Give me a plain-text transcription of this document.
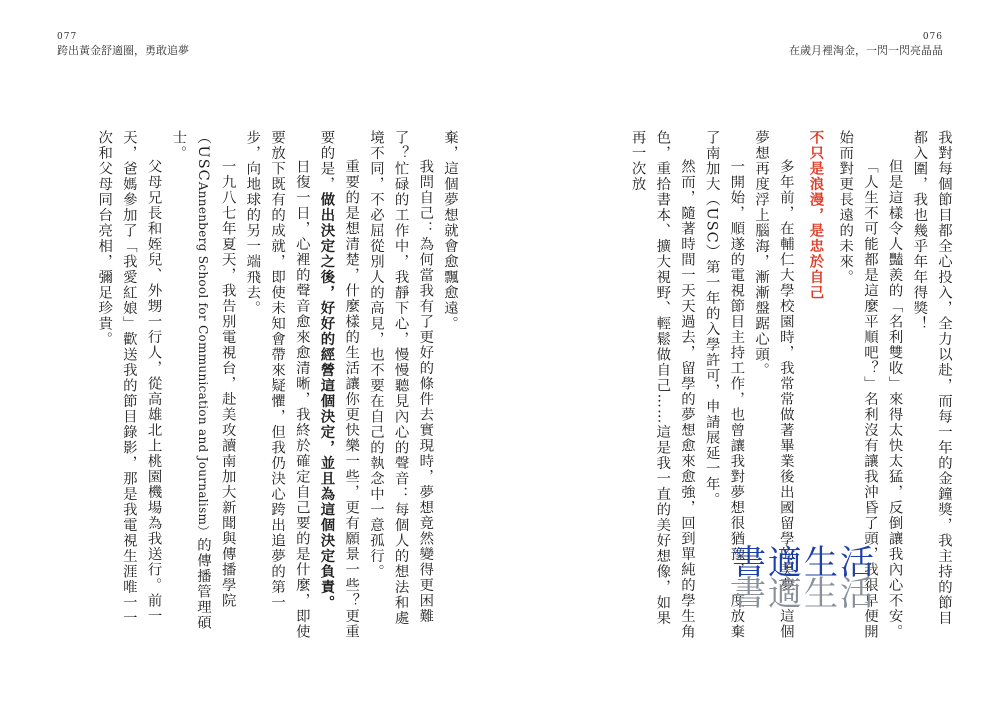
077
跨出黃金舒適圈，勇敢追夢

棄，這個夢想就會愈飄愈遠。

我問自己：為何當我有了更好的條件去實現時，夢想竟然變得更困難了？忙碌的工作中，我靜下心，慢慢聽見內心的聲音：每個人的想法和處境不同，不必屈從別人的高見，也不要在自己的執念中一意孤行。

重要的是想清楚，什麼樣的生活讓你更快樂一些，更有願景一些？更重要的是，做出決定之後，好好的經營這個決定，並且為這個決定負責。

日復一日，心裡的聲音愈來愈清晰，我終於確定自己要的是什麼，即使要放下既有的成就，即使未知會帶來疑懼，但我仍決心跨出追夢的第一步，向地球的另一端飛去。

一九八七年夏天，我告別電視台，赴美攻讀南加大新聞與傳播學院（USCAnnenberg School for Communication and Journalism）的傳播管理碩士。

父母兄長和姪兒、外甥一行人，從高雄北上桃園機場為我送行。前一天，爸媽參加了「我愛紅娘」歡送我的節目錄影，那是我電視生涯唯一一次和父母同台亮相，彌足珍貴。

076
在歲月裡淘金，一閃一閃亮晶晶

我對每個節目都全心投入，全力以赴，而每一年的金鐘獎，我主持的節目都入圍，我也幾乎年年得獎！

但是這樣令人豔羨的「名利雙收」來得太快太猛，反倒讓我內心不安。

「人生不可能都是這麼平順吧？」名利沒有讓我沖昏了頭，我很早便開始而對更長遠的未來。

不只是浪漫，是忠於自己

多年前，在輔仁大學校園時，我常常做著畢業後出國留學的美夢，這個夢想再度浮上腦海，漸漸盤踞心頭。

一開始，順遂的電視節目主持工作，也曾讓我對夢想很猶豫，一度放棄了南加大（USC）第一年的入學許可，申請展延一年。

然而，隨著時間一天天過去，留學的夢想愈來愈強，回到單純的學生角色，重拾書本、擴大視野、輕鬆做自己……這是我一直的美好想像，如果再一次放

書適生活
書適生活
